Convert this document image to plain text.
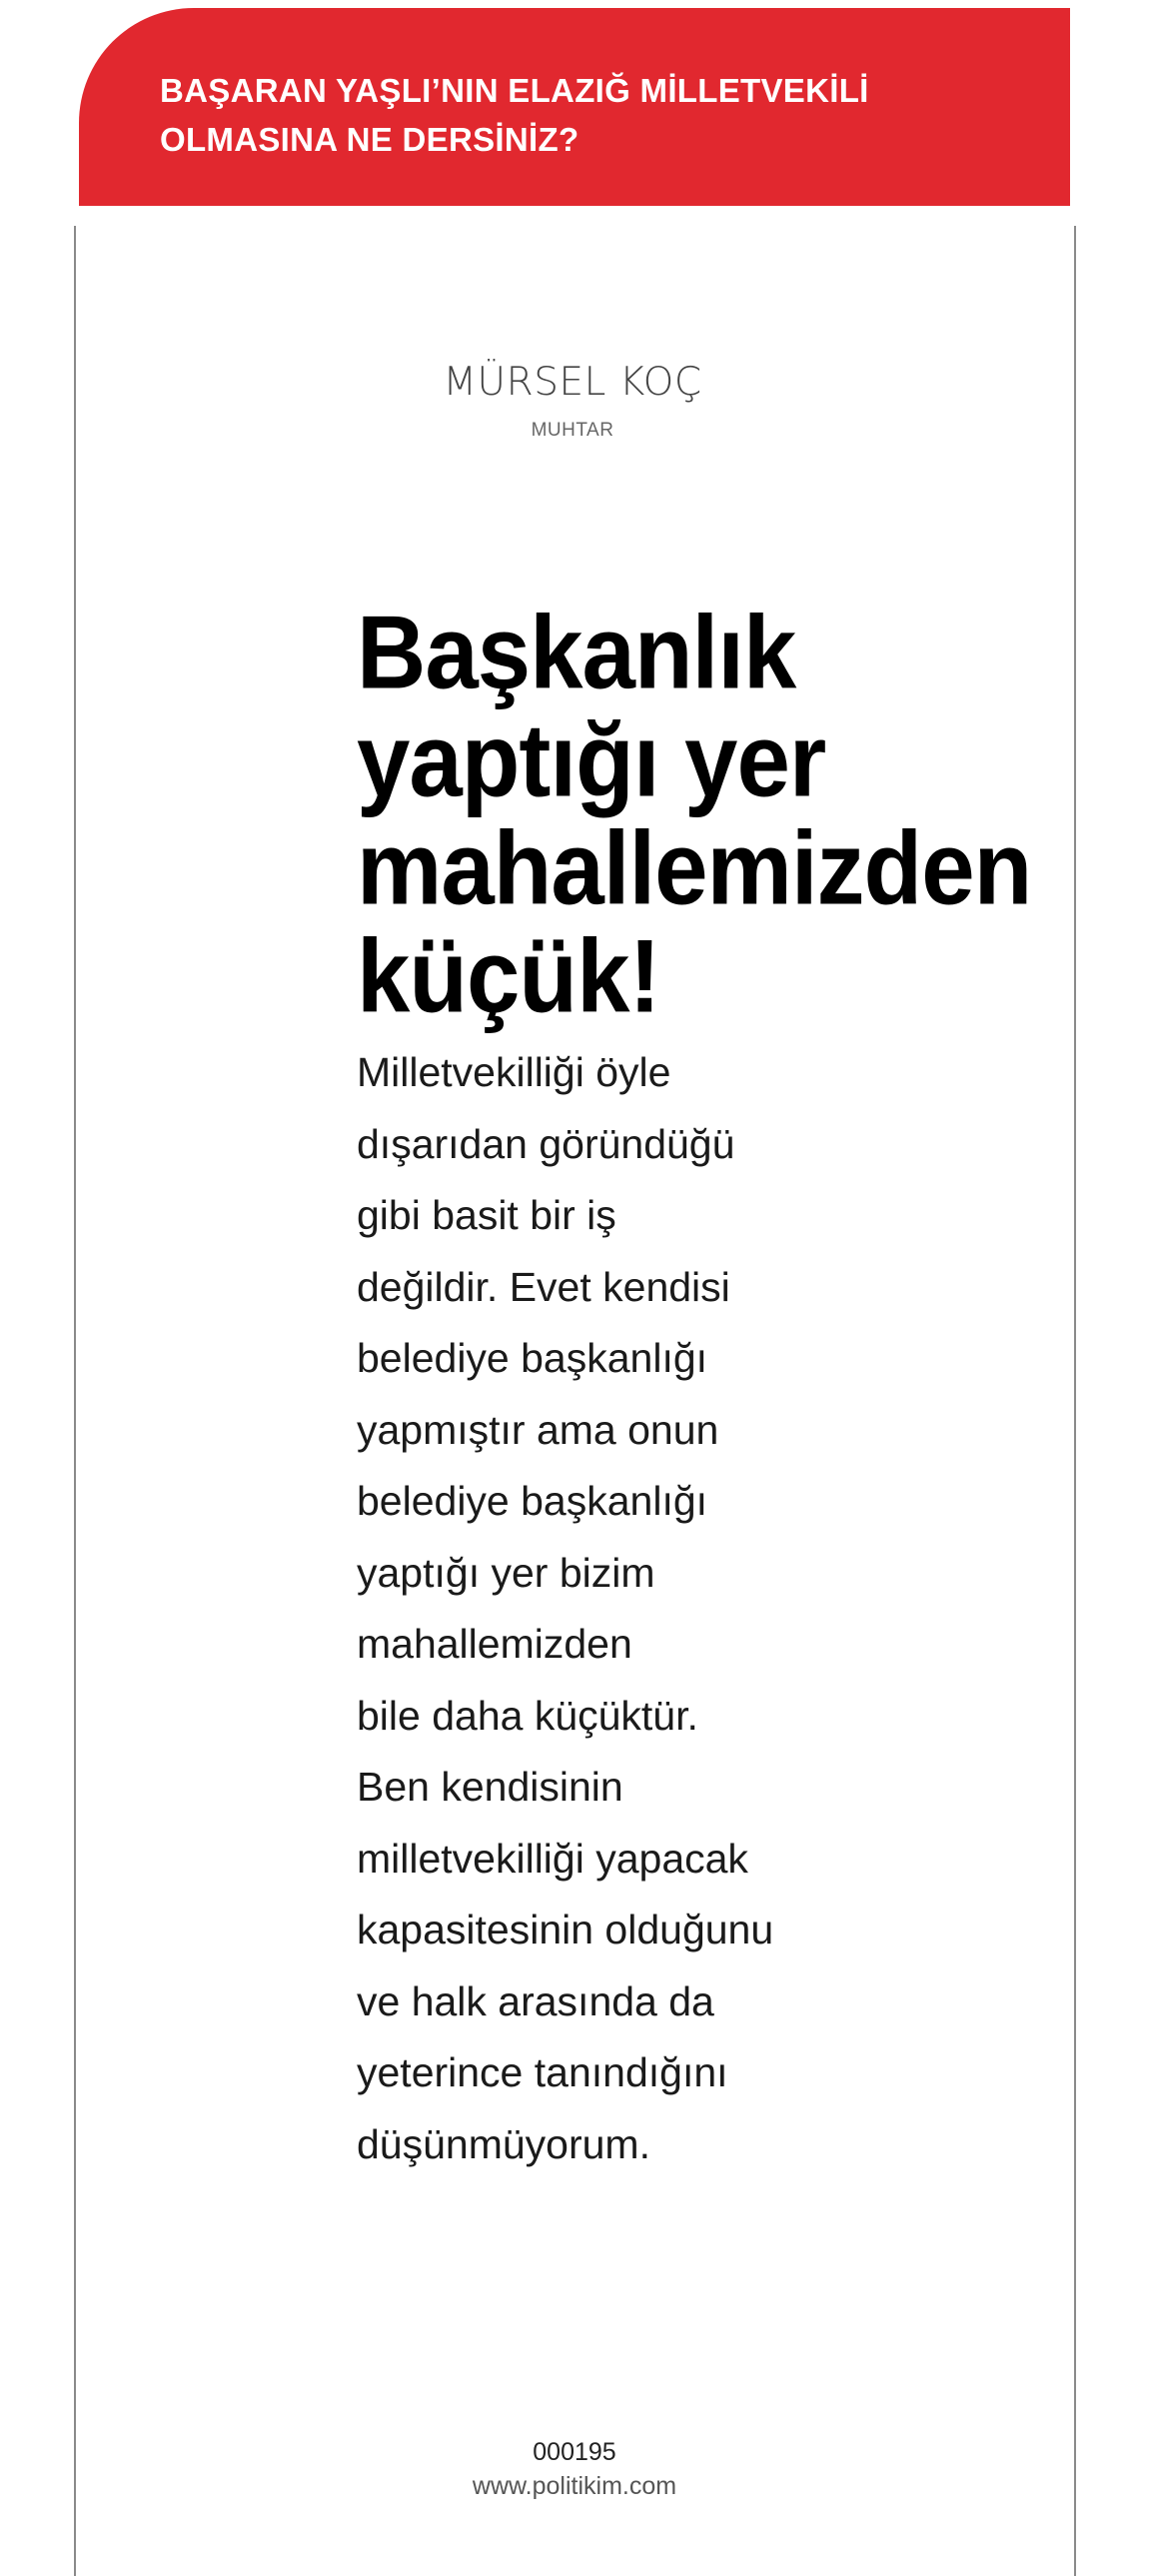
BAŞARAN YAŞLI’NIN ELAZIĞ MİLLETVEKİLİ OLMASINA NE DERSİNİZ?
MÜRSEL KOÇ
MUHTAR
Başkanlık yaptığı yer mahallemizden küçük!

Milletvekilliği öyle
dışarıdan göründüğü
gibi basit bir iş
değildir. Evet kendisi
belediye başkanlığı
yapmıştır ama onun
belediye başkanlığı
yaptığı yer bizim
mahallemizden
bile daha küçüktür.
Ben kendisinin
milletvekilliği yapacak
kapasitesinin olduğunu
ve halk arasında da
yeterince tanındığını
düşünmüyorum.

000195
www.politikim.com
